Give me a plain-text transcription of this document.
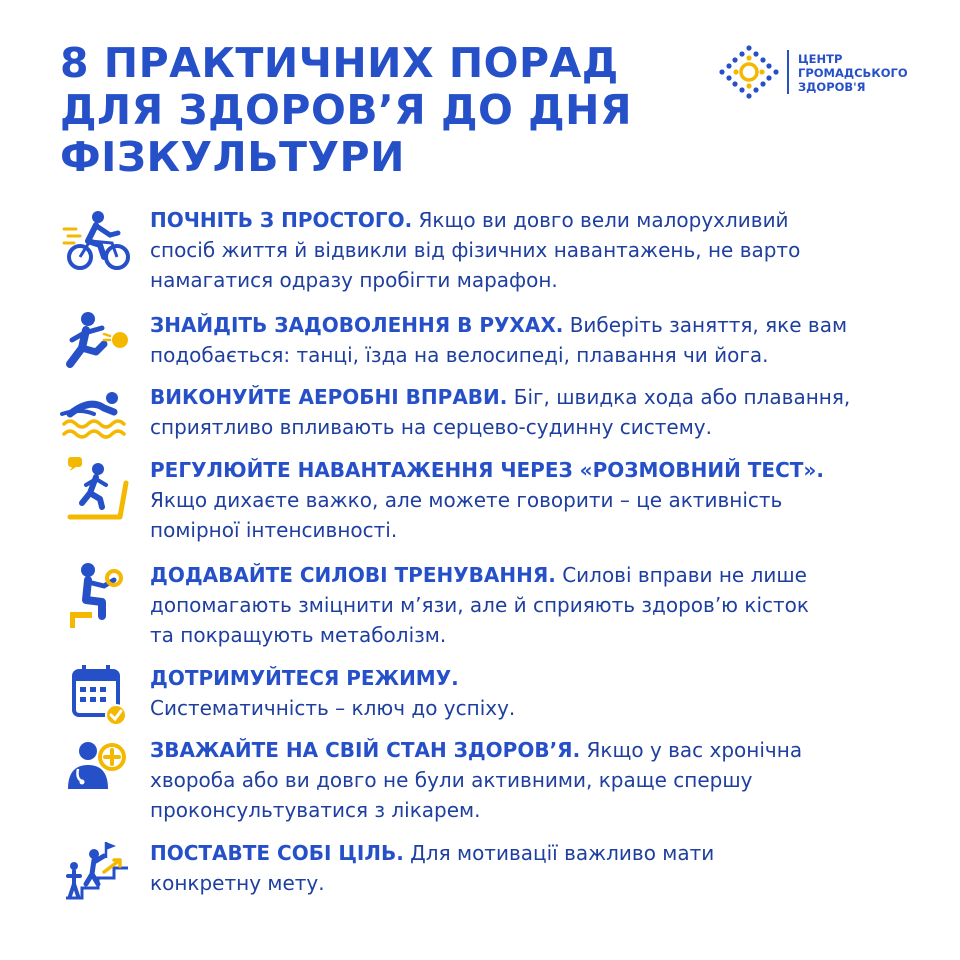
8 ПРАКТИЧНИХ ПОРАД
ДЛЯ ЗДОРОВ’Я ДО ДНЯ
ФІЗКУЛЬТУРИ
ЦЕНТР
ГРОМАДСЬКОГО
ЗДОРОВ'Я
ПОЧНІТЬ З ПРОСТОГО. Якщо ви довго вели малорухливий
спосіб життя й відвикли від фізичних навантажень, не варто
намагатися одразу пробігти марафон.
ЗНАЙДІТЬ ЗАДОВОЛЕННЯ В РУХАХ. Виберіть заняття, яке вам
подобається: танці, їзда на велосипеді, плавання чи йога.
ВИКОНУЙТЕ АЕРОБНІ ВПРАВИ. Біг, швидка хода або плавання,
сприятливо впливають на серцево-судинну систему.
РЕГУЛЮЙТЕ НАВАНТАЖЕННЯ ЧЕРЕЗ «РОЗМОВНИЙ ТЕСТ».
Якщо дихаєте важко, але можете говорити – це активність
помірної інтенсивності.
ДОДАВАЙТЕ СИЛОВІ ТРЕНУВАННЯ. Силові вправи не лише
допомагають зміцнити м’язи, але й сприяють здоров’ю кісток
та покращують метаболізм.
ДОТРИМУЙТЕСЯ РЕЖИМУ.
Систематичність – ключ до успіху.
ЗВАЖАЙТЕ НА СВІЙ СТАН ЗДОРОВ’Я. Якщо у вас хронічна
хвороба або ви довго не були активними, краще спершу
проконсультуватися з лікарем.
ПОСТАВТЕ СОБІ ЦІЛЬ. Для мотивації важливо мати
конкретну мету.
